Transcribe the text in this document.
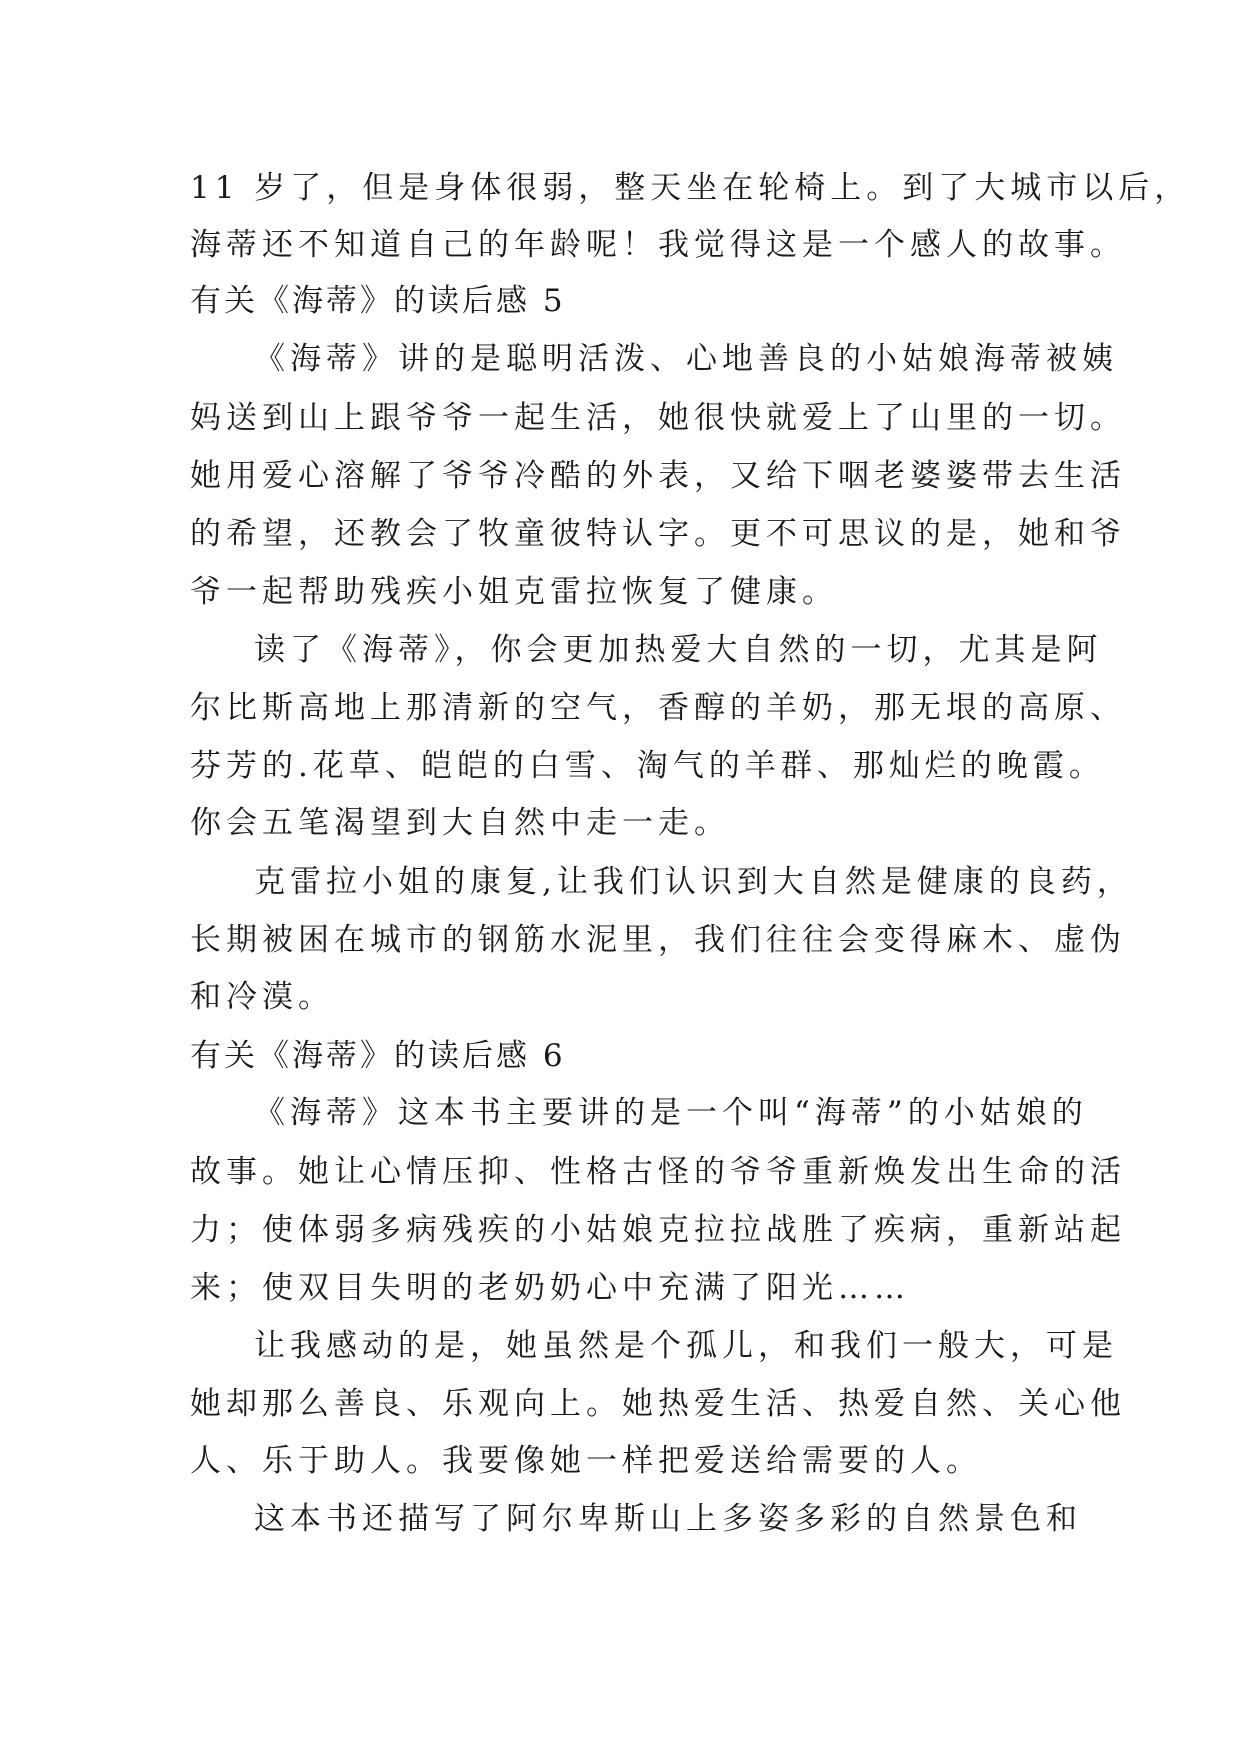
11 岁了，但是身体很弱，整天坐在轮椅上。到了大城市以后，
海蒂还不知道自己的年龄呢！我觉得这是一个感人的故事。
有关《海蒂》的读后感 5
《海蒂》讲的是聪明活泼、心地善良的小姑娘海蒂被姨
妈送到山上跟爷爷一起生活，她很快就爱上了山里的一切。
她用爱心溶解了爷爷冷酷的外表，又给下咽老婆婆带去生活
的希望，还教会了牧童彼特认字。更不可思议的是，她和爷
爷一起帮助残疾小姐克雷拉恢复了健康。
读了《海蒂》，你会更加热爱大自然的一切，尤其是阿
尔比斯高地上那清新的空气，香醇的羊奶，那无垠的高原、
芬芳的.花草、皑皑的白雪、淘气的羊群、那灿烂的晚霞。
你会五笔渴望到大自然中走一走。
克雷拉小姐的康复,让我们认识到大自然是健康的良药，
长期被困在城市的钢筋水泥里，我们往往会变得麻木、虚伪
和冷漠。
有关《海蒂》的读后感 6
《海蒂》这本书主要讲的是一个叫“海蒂”的小姑娘的
故事。她让心情压抑、性格古怪的爷爷重新焕发出生命的活
力；使体弱多病残疾的小姑娘克拉拉战胜了疾病，重新站起
来；使双目失明的老奶奶心中充满了阳光……
让我感动的是，她虽然是个孤儿，和我们一般大，可是
她却那么善良、乐观向上。她热爱生活、热爱自然、关心他
人、乐于助人。我要像她一样把爱送给需要的人。
这本书还描写了阿尔卑斯山上多姿多彩的自然景色和
